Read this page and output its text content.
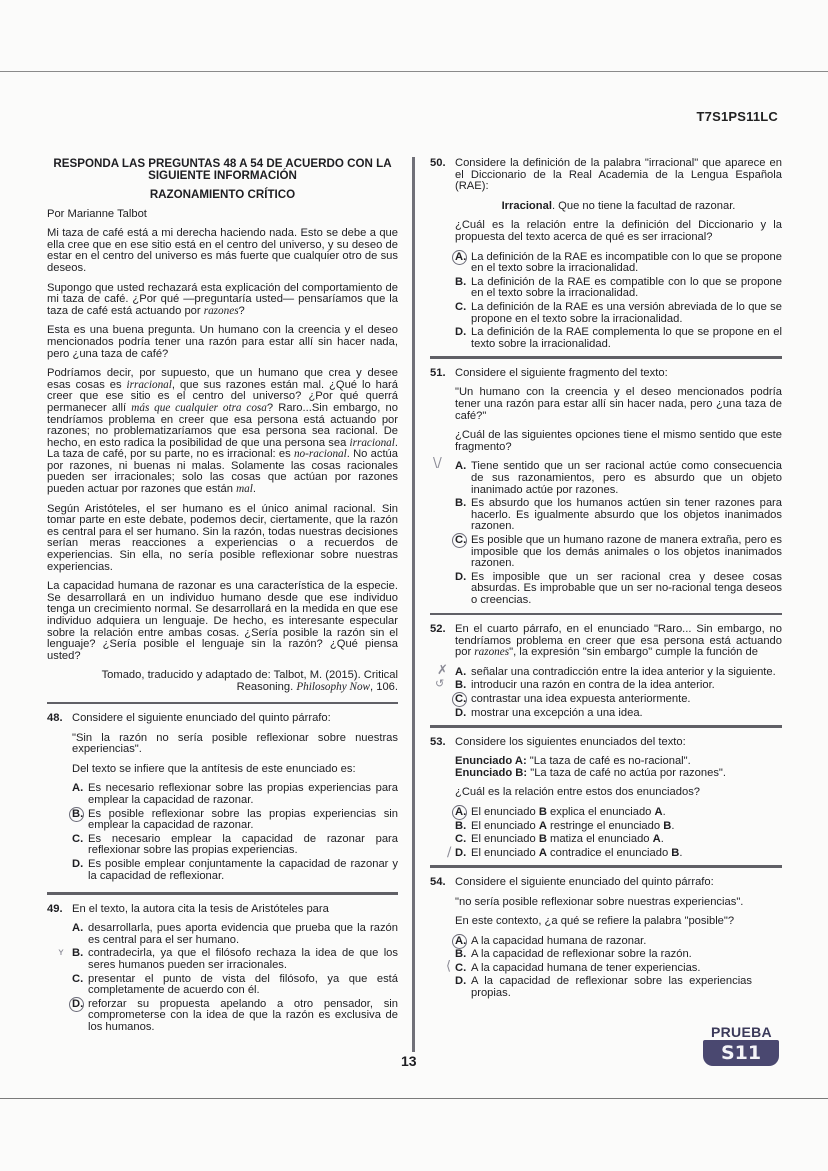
T7S1PS11LC
RESPONDA LAS PREGUNTAS 48 A 54 DE ACUERDO CON LA SIGUIENTE INFORMACIÓN
RAZONAMIENTO CRÍTICO

Por Marianne Talbot

Mi taza de café está a mi derecha haciendo nada. Esto se debe a que ella cree que en ese sitio está en el centro del universo, y su deseo de estar en el centro del universo es más fuerte que cualquier otro de sus deseos.

Supongo que usted rechazará esta explicación del comportamiento de mi taza de café. ¿Por qué —preguntaría usted— pensaríamos que la taza de café está actuando por razones?

Esta es una buena pregunta. Un humano con la creencia y el deseo mencionados podría tener una razón para estar allí sin hacer nada, pero ¿una taza de café?

Podríamos decir, por supuesto, que un humano que crea y desee esas cosas es irracional, que sus razones están mal. ¿Qué lo hará creer que ese sitio es el centro del universo? ¿Por qué querrá permanecer allí más que cualquier otra cosa? Raro...Sin embargo, no tendríamos problema en creer que esa persona está actuando por razones; no problematizaríamos que esa persona sea racional. De hecho, en esto radica la posibilidad de que una persona sea irracional. La taza de café, por su parte, no es irracional: es no-racional. No actúa por razones, ni buenas ni malas. Solamente las cosas racionales pueden ser irracionales; solo las cosas que actúan por razones pueden actuar por razones que están mal.

Según Aristóteles, el ser humano es el único animal racional. Sin tomar parte en este debate, podemos decir, ciertamente, que la razón es central para el ser humano. Sin la razón, todas nuestras decisiones serían meras reacciones a experiencias o a recuerdos de experiencias. Sin ella, no sería posible reflexionar sobre nuestras experiencias.

La capacidad humana de razonar es una característica de la especie. Se desarrollará en un individuo humano desde que ese individuo tenga un crecimiento normal. Se desarrollará en la medida en que ese individuo adquiera un lenguaje. De hecho, es interesante especular sobre la relación entre ambas cosas. ¿Sería posible la razón sin el lenguaje? ¿Sería posible el lenguaje sin la razón? ¿Qué piensa usted?

Tomado, traducido y adaptado de: Talbot, M. (2015). Critical Reasoning. Philosophy Now, 106.

48. Considere el siguiente enunciado del quinto párrafo:

"Sin la razón no sería posible reflexionar sobre nuestras experiencias".

Del texto se infiere que la antítesis de este enunciado es:

A. Es necesario reflexionar sobre las propias experiencias para emplear la capacidad de razonar.
B. Es posible reflexionar sobre las propias experiencias sin emplear la capacidad de razonar.
C. Es necesario emplear la capacidad de razonar para reflexionar sobre las propias experiencias.
D. Es posible emplear conjuntamente la capacidad de razonar y la capacidad de reflexionar.
49. En el texto, la autora cita la tesis de Aristóteles para
A. desarrollarla, pues aporta evidencia que prueba que la razón es central para el ser humano.
ʏ B. contradecirla, ya que el filósofo rechaza la idea de que los seres humanos pueden ser irracionales.
C. presentar el punto de vista del filósofo, ya que está completamente de acuerdo con él.
D. reforzar su propuesta apelando a otro pensador, sin comprometerse con la idea de que la razón es exclusiva de los humanos.
50. Considere la definición de la palabra "irracional" que aparece en el Diccionario de la Real Academia de la Lengua Española (RAE):

Irracional. Que no tiene la facultad de razonar.

¿Cuál es la relación entre la definición del Diccionario y la propuesta del texto acerca de qué es ser irracional?

A. La definición de la RAE es incompatible con lo que se propone en el texto sobre la irracionalidad.
B. La definición de la RAE es compatible con lo que se propone en el texto sobre la irracionalidad.
C. La definición de la RAE es una versión abreviada de lo que se propone en el texto sobre la irracionalidad.
D. La definición de la RAE complementa lo que se propone en el texto sobre la irracionalidad.
51. Considere el siguiente fragmento del texto:

"Un humano con la creencia y el deseo mencionados podría tener una razón para estar allí sin hacer nada, pero ¿una taza de café?"

¿Cuál de las siguientes opciones tiene el mismo sentido que este fragmento?

\/ A. Tiene sentido que un ser racional actúe como consecuencia de sus razonamientos, pero es absurdo que un objeto inanimado actúe por razones.
B. Es absurdo que los humanos actúen sin tener razones para hacerlo. Es igualmente absurdo que los objetos inanimados razonen.
C. Es posible que un humano razone de manera extraña, pero es imposible que los demás animales o los objetos inanimados razonen.
D. Es imposible que un ser racional crea y desee cosas absurdas. Es improbable que un ser no-racional tenga deseos o creencias.
52. En el cuarto párrafo, en el enunciado "Raro... Sin embargo, no tendríamos problema en creer que esa persona está actuando por razones", la expresión "sin embargo" cumple la función de
✗ A. señalar una contradicción entre la idea anterior y la siguiente.
↺ B. introducir una razón en contra de la idea anterior.
C. contrastar una idea expuesta anteriormente.
D. mostrar una excepción a una idea.
53. Considere los siguientes enunciados del texto:

Enunciado A: "La taza de café es no-racional".
Enunciado B: "La taza de café no actúa por razones".

¿Cuál es la relación entre estos dos enunciados?

A. El enunciado B explica el enunciado A.
B. El enunciado A restringe el enunciado B.
C. El enunciado B matiza el enunciado A.
∕ D. El enunciado A contradice el enunciado B.
54. Considere el siguiente enunciado del quinto párrafo:

"no sería posible reflexionar sobre nuestras experiencias".

En este contexto, ¿a qué se refiere la palabra "posible"?

A. A la capacidad humana de razonar.
B. A la capacidad de reflexionar sobre la razón.
⟨ C. A la capacidad humana de tener experiencias.
D. A la capacidad de reflexionar sobre las experiencias propias.
13
PRUEBA
S11
